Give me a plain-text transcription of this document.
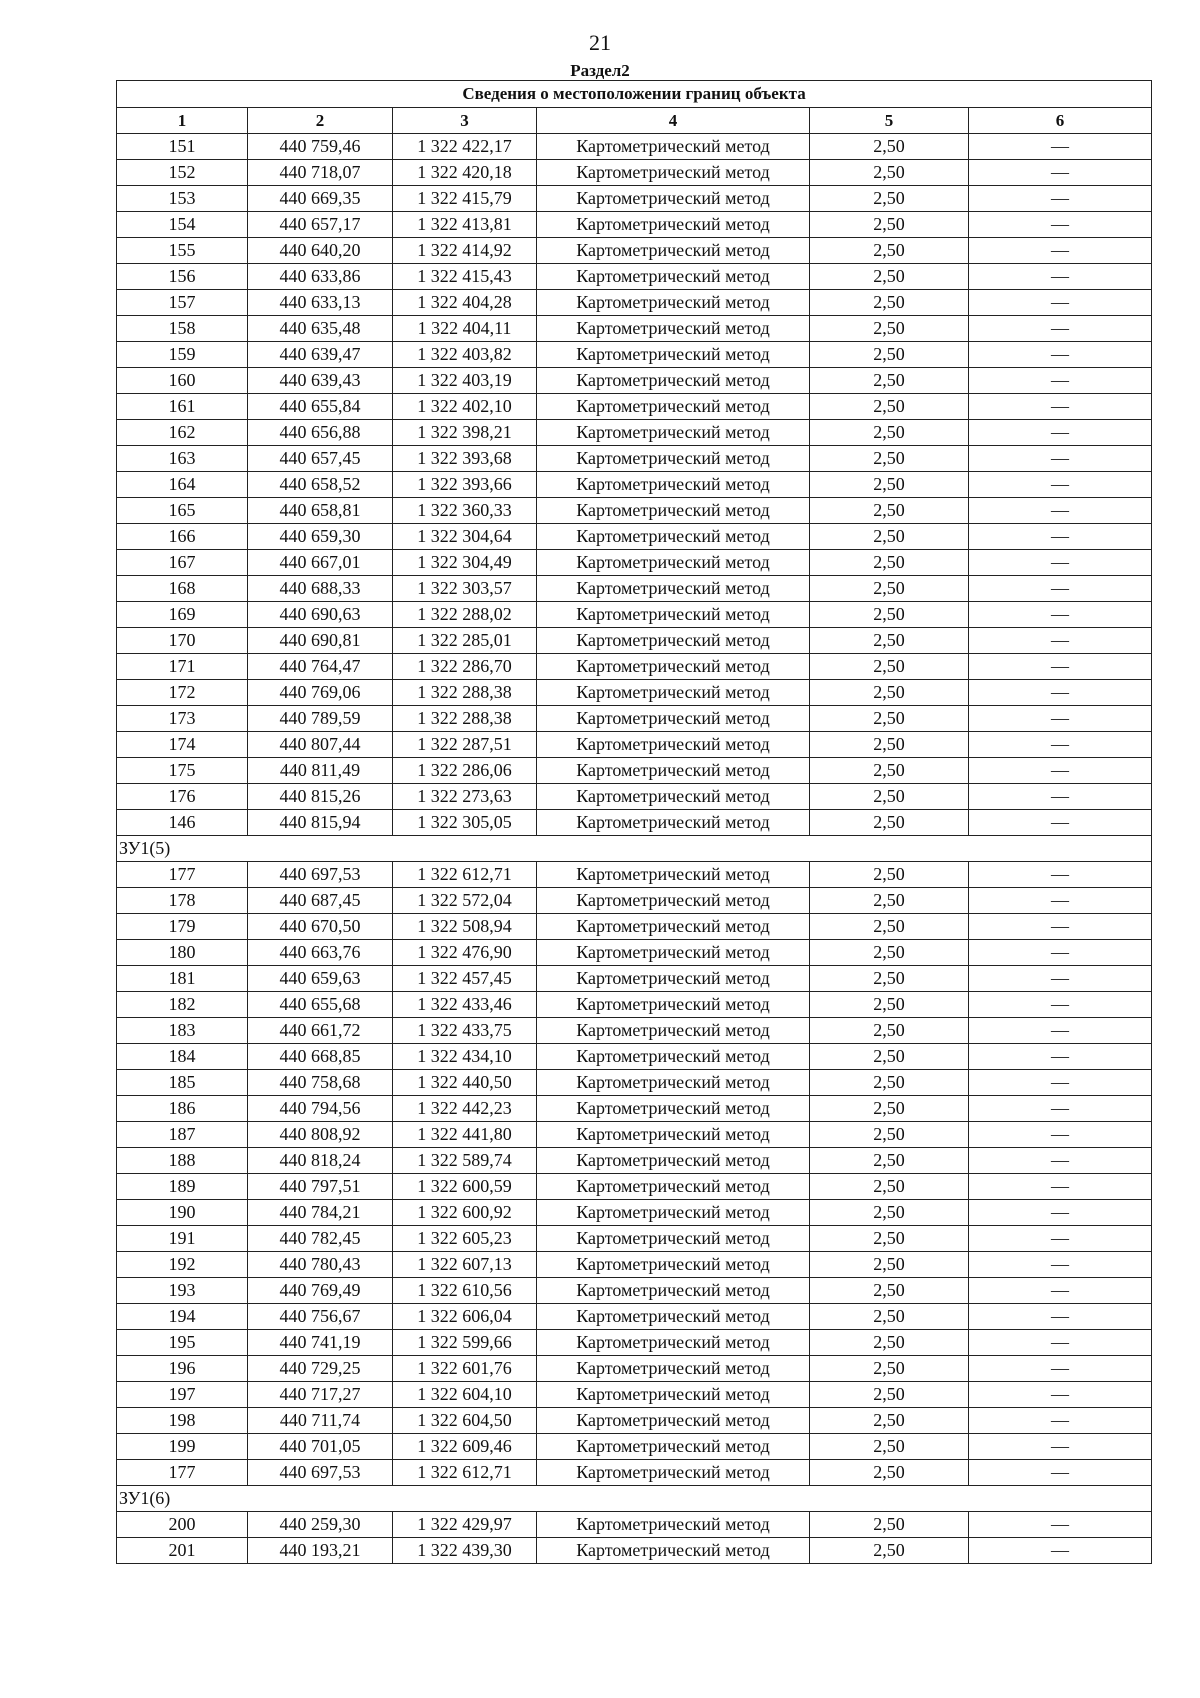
21
Раздел2
Сведения о местоположении границ объекта					
1	2	3	4	5	6
151	440 759,46	1 322 422,17	Картометрический метод	2,50	—
152	440 718,07	1 322 420,18	Картометрический метод	2,50	—
153	440 669,35	1 322 415,79	Картометрический метод	2,50	—
154	440 657,17	1 322 413,81	Картометрический метод	2,50	—
155	440 640,20	1 322 414,92	Картометрический метод	2,50	—
156	440 633,86	1 322 415,43	Картометрический метод	2,50	—
157	440 633,13	1 322 404,28	Картометрический метод	2,50	—
158	440 635,48	1 322 404,11	Картометрический метод	2,50	—
159	440 639,47	1 322 403,82	Картометрический метод	2,50	—
160	440 639,43	1 322 403,19	Картометрический метод	2,50	—
161	440 655,84	1 322 402,10	Картометрический метод	2,50	—
162	440 656,88	1 322 398,21	Картометрический метод	2,50	—
163	440 657,45	1 322 393,68	Картометрический метод	2,50	—
164	440 658,52	1 322 393,66	Картометрический метод	2,50	—
165	440 658,81	1 322 360,33	Картометрический метод	2,50	—
166	440 659,30	1 322 304,64	Картометрический метод	2,50	—
167	440 667,01	1 322 304,49	Картометрический метод	2,50	—
168	440 688,33	1 322 303,57	Картометрический метод	2,50	—
169	440 690,63	1 322 288,02	Картометрический метод	2,50	—
170	440 690,81	1 322 285,01	Картометрический метод	2,50	—
171	440 764,47	1 322 286,70	Картометрический метод	2,50	—
172	440 769,06	1 322 288,38	Картометрический метод	2,50	—
173	440 789,59	1 322 288,38	Картометрический метод	2,50	—
174	440 807,44	1 322 287,51	Картометрический метод	2,50	—
175	440 811,49	1 322 286,06	Картометрический метод	2,50	—
176	440 815,26	1 322 273,63	Картометрический метод	2,50	—
146	440 815,94	1 322 305,05	Картометрический метод	2,50	—
ЗУ1(5)					
177	440 697,53	1 322 612,71	Картометрический метод	2,50	—
178	440 687,45	1 322 572,04	Картометрический метод	2,50	—
179	440 670,50	1 322 508,94	Картометрический метод	2,50	—
180	440 663,76	1 322 476,90	Картометрический метод	2,50	—
181	440 659,63	1 322 457,45	Картометрический метод	2,50	—
182	440 655,68	1 322 433,46	Картометрический метод	2,50	—
183	440 661,72	1 322 433,75	Картометрический метод	2,50	—
184	440 668,85	1 322 434,10	Картометрический метод	2,50	—
185	440 758,68	1 322 440,50	Картометрический метод	2,50	—
186	440 794,56	1 322 442,23	Картометрический метод	2,50	—
187	440 808,92	1 322 441,80	Картометрический метод	2,50	—
188	440 818,24	1 322 589,74	Картометрический метод	2,50	—
189	440 797,51	1 322 600,59	Картометрический метод	2,50	—
190	440 784,21	1 322 600,92	Картометрический метод	2,50	—
191	440 782,45	1 322 605,23	Картометрический метод	2,50	—
192	440 780,43	1 322 607,13	Картометрический метод	2,50	—
193	440 769,49	1 322 610,56	Картометрический метод	2,50	—
194	440 756,67	1 322 606,04	Картометрический метод	2,50	—
195	440 741,19	1 322 599,66	Картометрический метод	2,50	—
196	440 729,25	1 322 601,76	Картометрический метод	2,50	—
197	440 717,27	1 322 604,10	Картометрический метод	2,50	—
198	440 711,74	1 322 604,50	Картометрический метод	2,50	—
199	440 701,05	1 322 609,46	Картометрический метод	2,50	—
177	440 697,53	1 322 612,71	Картометрический метод	2,50	—
ЗУ1(6)					
200	440 259,30	1 322 429,97	Картометрический метод	2,50	—
201	440 193,21	1 322 439,30	Картометрический метод	2,50	—
